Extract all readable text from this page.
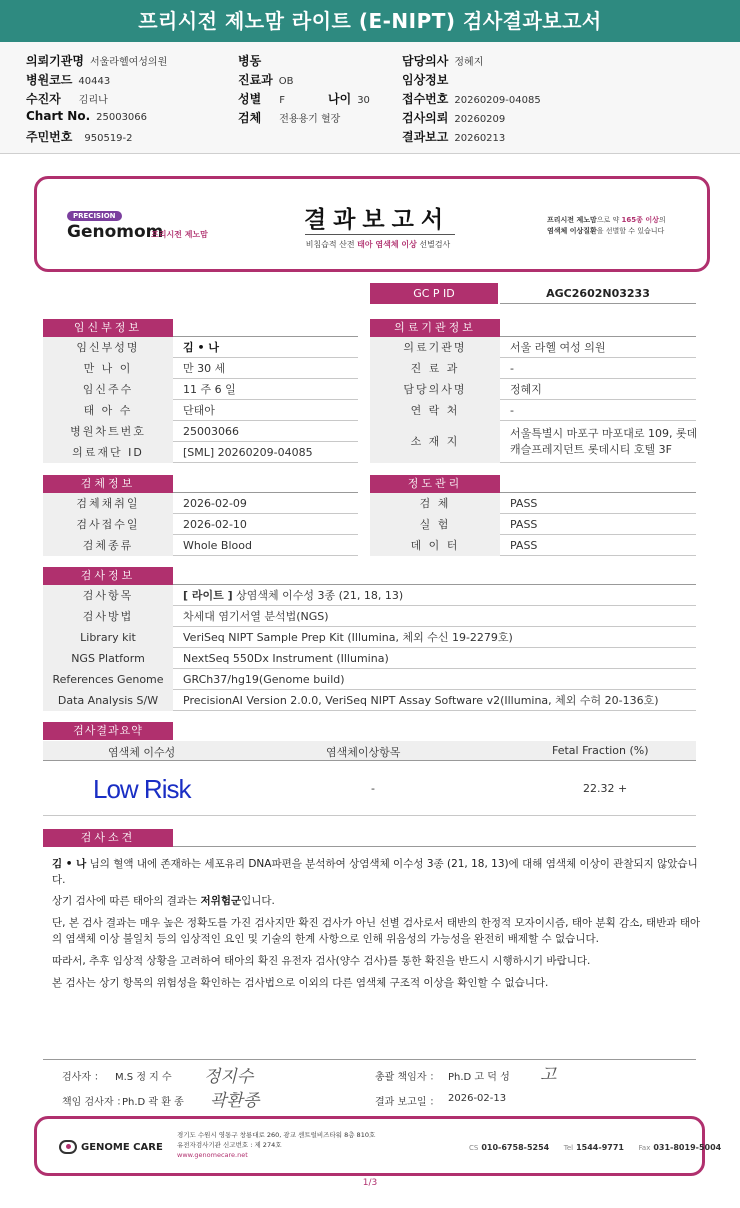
프리시전 제노맘 라이트 (E-NIPT) 검사결과보고서
의뢰기관명 서울라헬여성의원
병원코드 40443
수진자 김리나
Chart No. 25003066
주민번호 950519-2
병동
진료과 OB
성별 F	나이 30
검체 전용용기 혈장
담당의사 정혜지
임상정보
접수번호 20260209-04085
검사의뢰 20260209
결과보고 20260213
PRECISION
Genomom
프리시전 제노맘
결과보고서
비침습적 산전 태아 염색체 이상 선별검사
프리시전 제노맘으로 약 165종 이상의
염색체 이상질환을 선별할 수 있습니다
GC P ID	AGC2602N03233
임신부정보
임신부성명	김 • 나
만 나 이	만 30 세
임신주수	11 주 6 일
태 아 수	단태아
병원차트번호	25003066
의료재단 ID	[SML] 20260209-04085
의료기관정보
의료기관명	서울 라헬 여성 의원
진 료 과	-
담당의사명	정혜지
연 락 처	-
소 재 지
서울특별시 마포구 마포대로 109, 롯데캐슬프레지던트 롯데시티 호텔 3F
검체정보
검체채취일	2026-02-09
검사접수일	2026-02-10
검체종류	Whole Blood
정도관리
검 체	PASS
실 험	PASS
데 이 터	PASS
검사정보
검사항목	[ 라이트 ] 상염색체 이수성 3종 (21, 18, 13)
검사방법	차세대 염기서열 분석법(NGS)
Library kit	VeriSeq NIPT Sample Prep Kit (Illumina, 체외 수신 19-2279호)
NGS Platform	NextSeq 550Dx Instrument (Illumina)
References Genome	GRCh37/hg19(Genome build)
Data Analysis S/W	PrecisionAI Version 2.0.0, VeriSeq NIPT Assay Software v2(Illumina, 체외 수허 20-136호)
검사결과요약
염색체 이수성	염색체이상항목	Fetal Fraction (%)
Low Risk	-	22.32 +
검사소견
김 • 나 님의 혈액 내에 존재하는 세포유리 DNA파편을 분석하여 상염색체 이수성 3종 (21, 18, 13)에 대해 염색체 이상이 관찰되지 않았습니다.
상기 검사에 따른 태아의 결과는 저위험군입니다.
단, 본 검사 결과는 매우 높은 정확도를 가진 검사지만 확진 검사가 아닌 선별 검사로서 태반의 한정적 모자이시즘, 태아 분획 감소, 태반과 태아의 염색체 이상 불일치 등의 임상적인 요인 및 기술의 한계 사항으로 인해 위음성의 가능성을 완전히 배제할 수 없습니다.
따라서, 추후 임상적 상황을 고려하여 태아의 확진 유전자 검사(양수 검사)를 통한 확진을 반드시 시행하시기 바랍니다.
본 검사는 상기 항목의 위험성을 확인하는 검사법으로 이외의 다른 염색체 구조적 이상을 확인할 수 없습니다.
검사자 ： M.S 정 지 수 정지수	총괄 책임자 ： Ph.D 고 덕 성 고
책임 검사자 ：
Ph.D 곽 환 종 곽환종	결과 보고일 ： 2026-02-13
GENOME CARE
경기도 수원시 영통구 창룡대로 260, 광교 센트럴비즈타워 8층 810호
유전자검사기관 신고번호 : 제 274호
www.genomecare.net
CS 010-6758-5254 Tel 1544-9771 Fax 031-8019-5004
1/3
